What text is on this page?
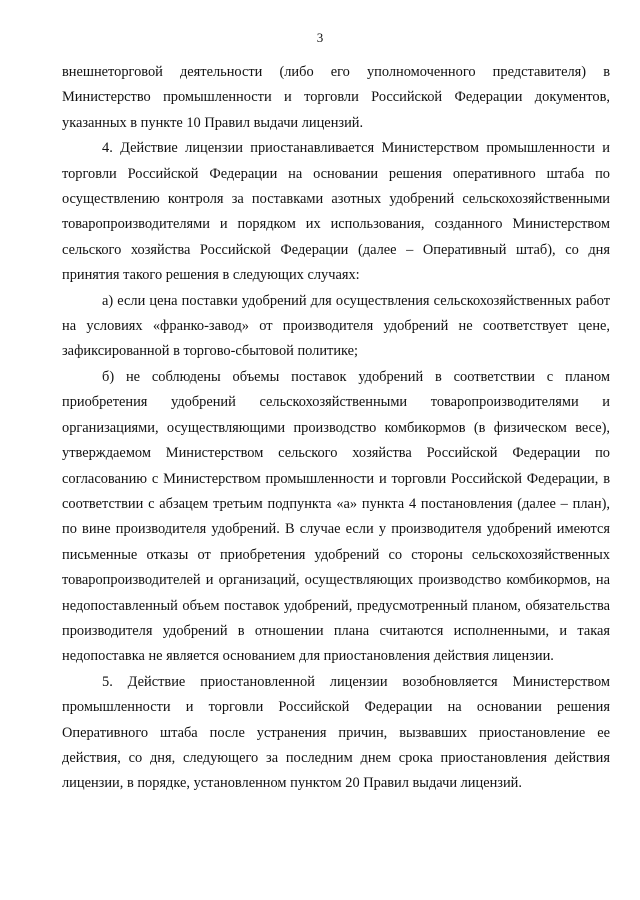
3

внешнеторговой деятельности (либо его уполномоченного представителя) в Министерство промышленности и торговли Российской Федерации документов, указанных в пункте 10 Правил выдачи лицензий.

4. Действие лицензии приостанавливается Министерством промышленности и торговли Российской Федерации на основании решения оперативного штаба по осуществлению контроля за поставками азотных удобрений сельскохозяйственными товаропроизводителями и порядком их использования, созданного Министерством сельского хозяйства Российской Федерации (далее – Оперативный штаб), со дня принятия такого решения в следующих случаях:

а) если цена поставки удобрений для осуществления сельскохозяйственных работ на условиях «франко-завод» от производителя удобрений не соответствует цене, зафиксированной в торгово-сбытовой политике;

б) не соблюдены объемы поставок удобрений в соответствии с планом приобретения удобрений сельскохозяйственными товаропроизводителями и организациями, осуществляющими производство комбикормов (в физическом весе), утверждаемом Министерством сельского хозяйства Российской Федерации по согласованию с Министерством промышленности и торговли Российской Федерации, в соответствии с абзацем третьим подпункта «а» пункта 4 постановления (далее – план), по вине производителя удобрений. В случае если у производителя удобрений имеются письменные отказы от приобретения удобрений со стороны сельскохозяйственных товаропроизводителей и организаций, осуществляющих производство комбикормов, на недопоставленный объем поставок удобрений, предусмотренный планом, обязательства производителя удобрений в отношении плана считаются исполненными, и такая недопоставка не является основанием для приостановления действия лицензии.

5. Действие приостановленной лицензии возобновляется Министерством промышленности и торговли Российской Федерации на основании решения Оперативного штаба после устранения причин, вызвавших приостановление ее действия, со дня, следующего за последним днем срока приостановления действия лицензии, в порядке, установленном пунктом 20 Правил выдачи лицензий.
